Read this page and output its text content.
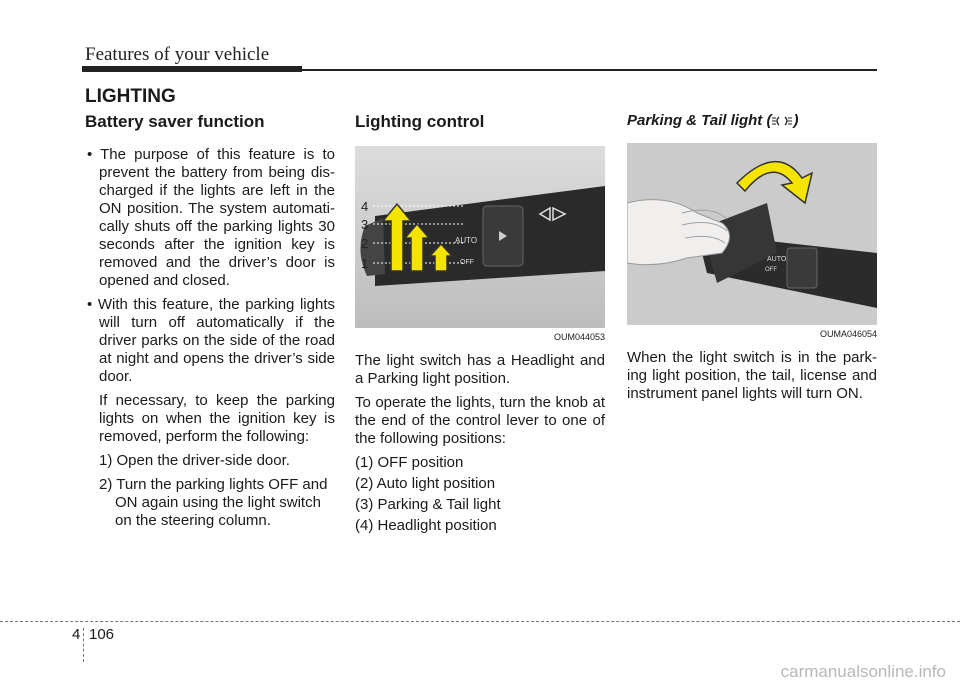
Features of your vehicle
LIGHTING
Battery saver function

• The purpose of this feature is to prevent the battery from being dis-charged if the lights are left in the ON position. The system automati-cally shuts off the parking lights 30 seconds after the ignition key is removed and the driver’s door is opened and closed.

• With this feature, the parking lights will turn off automatically if the driver parks on the side of the road at night and opens the driver’s side door.

If necessary, to keep the parking lights on when the ignition key is removed, perform the following:

1) Open the driver-side door.

2) Turn the parking lights OFF and ON again using the light switch on the steering column.

Lighting control
AUTO
OFF
4
3
2
1
OUM044053

The light switch has a Headlight and a Parking light position.

To operate the lights, turn the knob at the end of the control lever to one of the following positions:

(1) OFF position

(2) Auto light position

(3) Parking & Tail light

(4) Headlight position

Parking & Tail light ( )
AUTO
OFF
OUMA046054

When the light switch is in the park-ing light position, the tail, license and instrument panel lights will turn ON.

4 106
carmanualsonline.info
